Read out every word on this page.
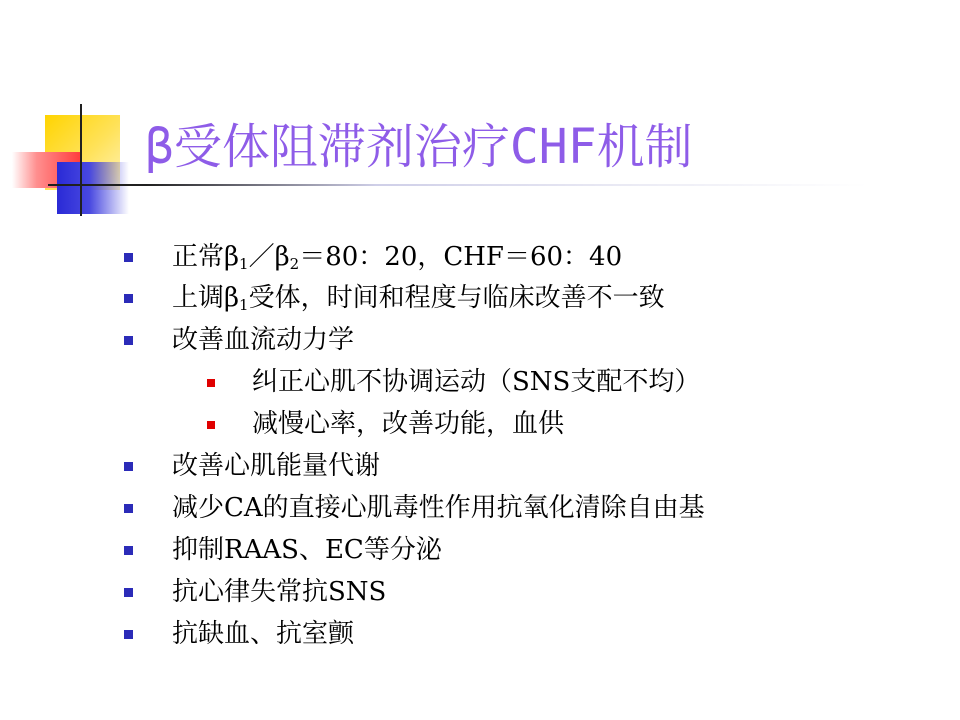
β受体阻滞剂治疗CHF机制
正常$\beta_1/\beta_2=80$：20，CHF＝60：40
上调$\beta_1$受体，时间和程度与临床改善不一致
改善血流动力学
纠正心肌不协调运动（SNS支配不均）
减慢心率，改善功能，血供
改善心肌能量代谢
减少CA的直接心肌毒性作用抗氧化清除自由基
抑制RAAS、EC等分泌
抗心律失常抗SNS
抗缺血、抗室颤
